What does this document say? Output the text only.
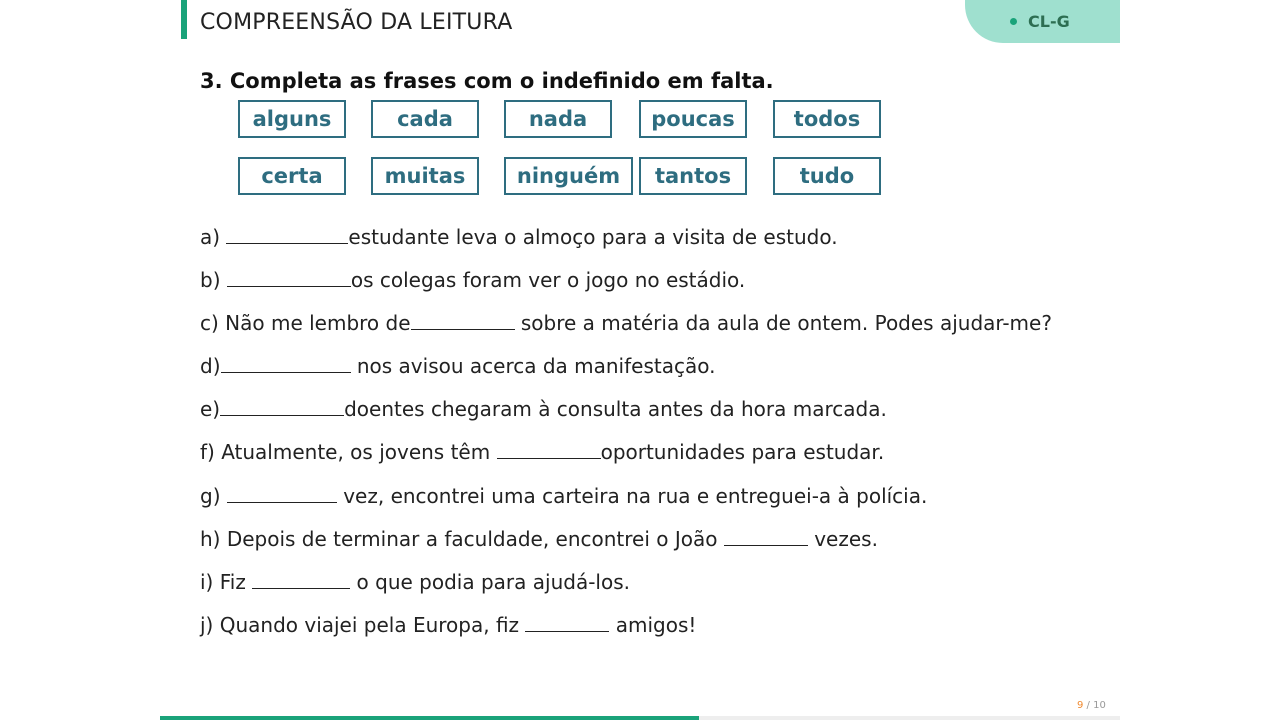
COMPREENSÃO DA LEITURA	CL-G
3. Completa as frases com o indefinido em falta.
alguns	cada	nada	poucas	todos
certa	muitas	ninguém	tantos	tudo
a)	estudante leva o almoço para a visita de estudo.
b)	os colegas foram ver o jogo no estádio.
c) Não me lembro de	sobre a matéria da aula de ontem. Podes ajudar-me?
d)	nos avisou acerca da manifestação.
e)	doentes chegaram à consulta antes da hora marcada.
f) Atualmente, os jovens têm	oportunidades para estudar.
g)	vez, encontrei uma carteira na rua e entreguei-a à polícia.
h) Depois de terminar a faculdade, encontrei o João	vezes.
i) Fiz	o que podia para ajudá-los.
j) Quando viajei pela Europa, fiz	amigos!
9 / 10
